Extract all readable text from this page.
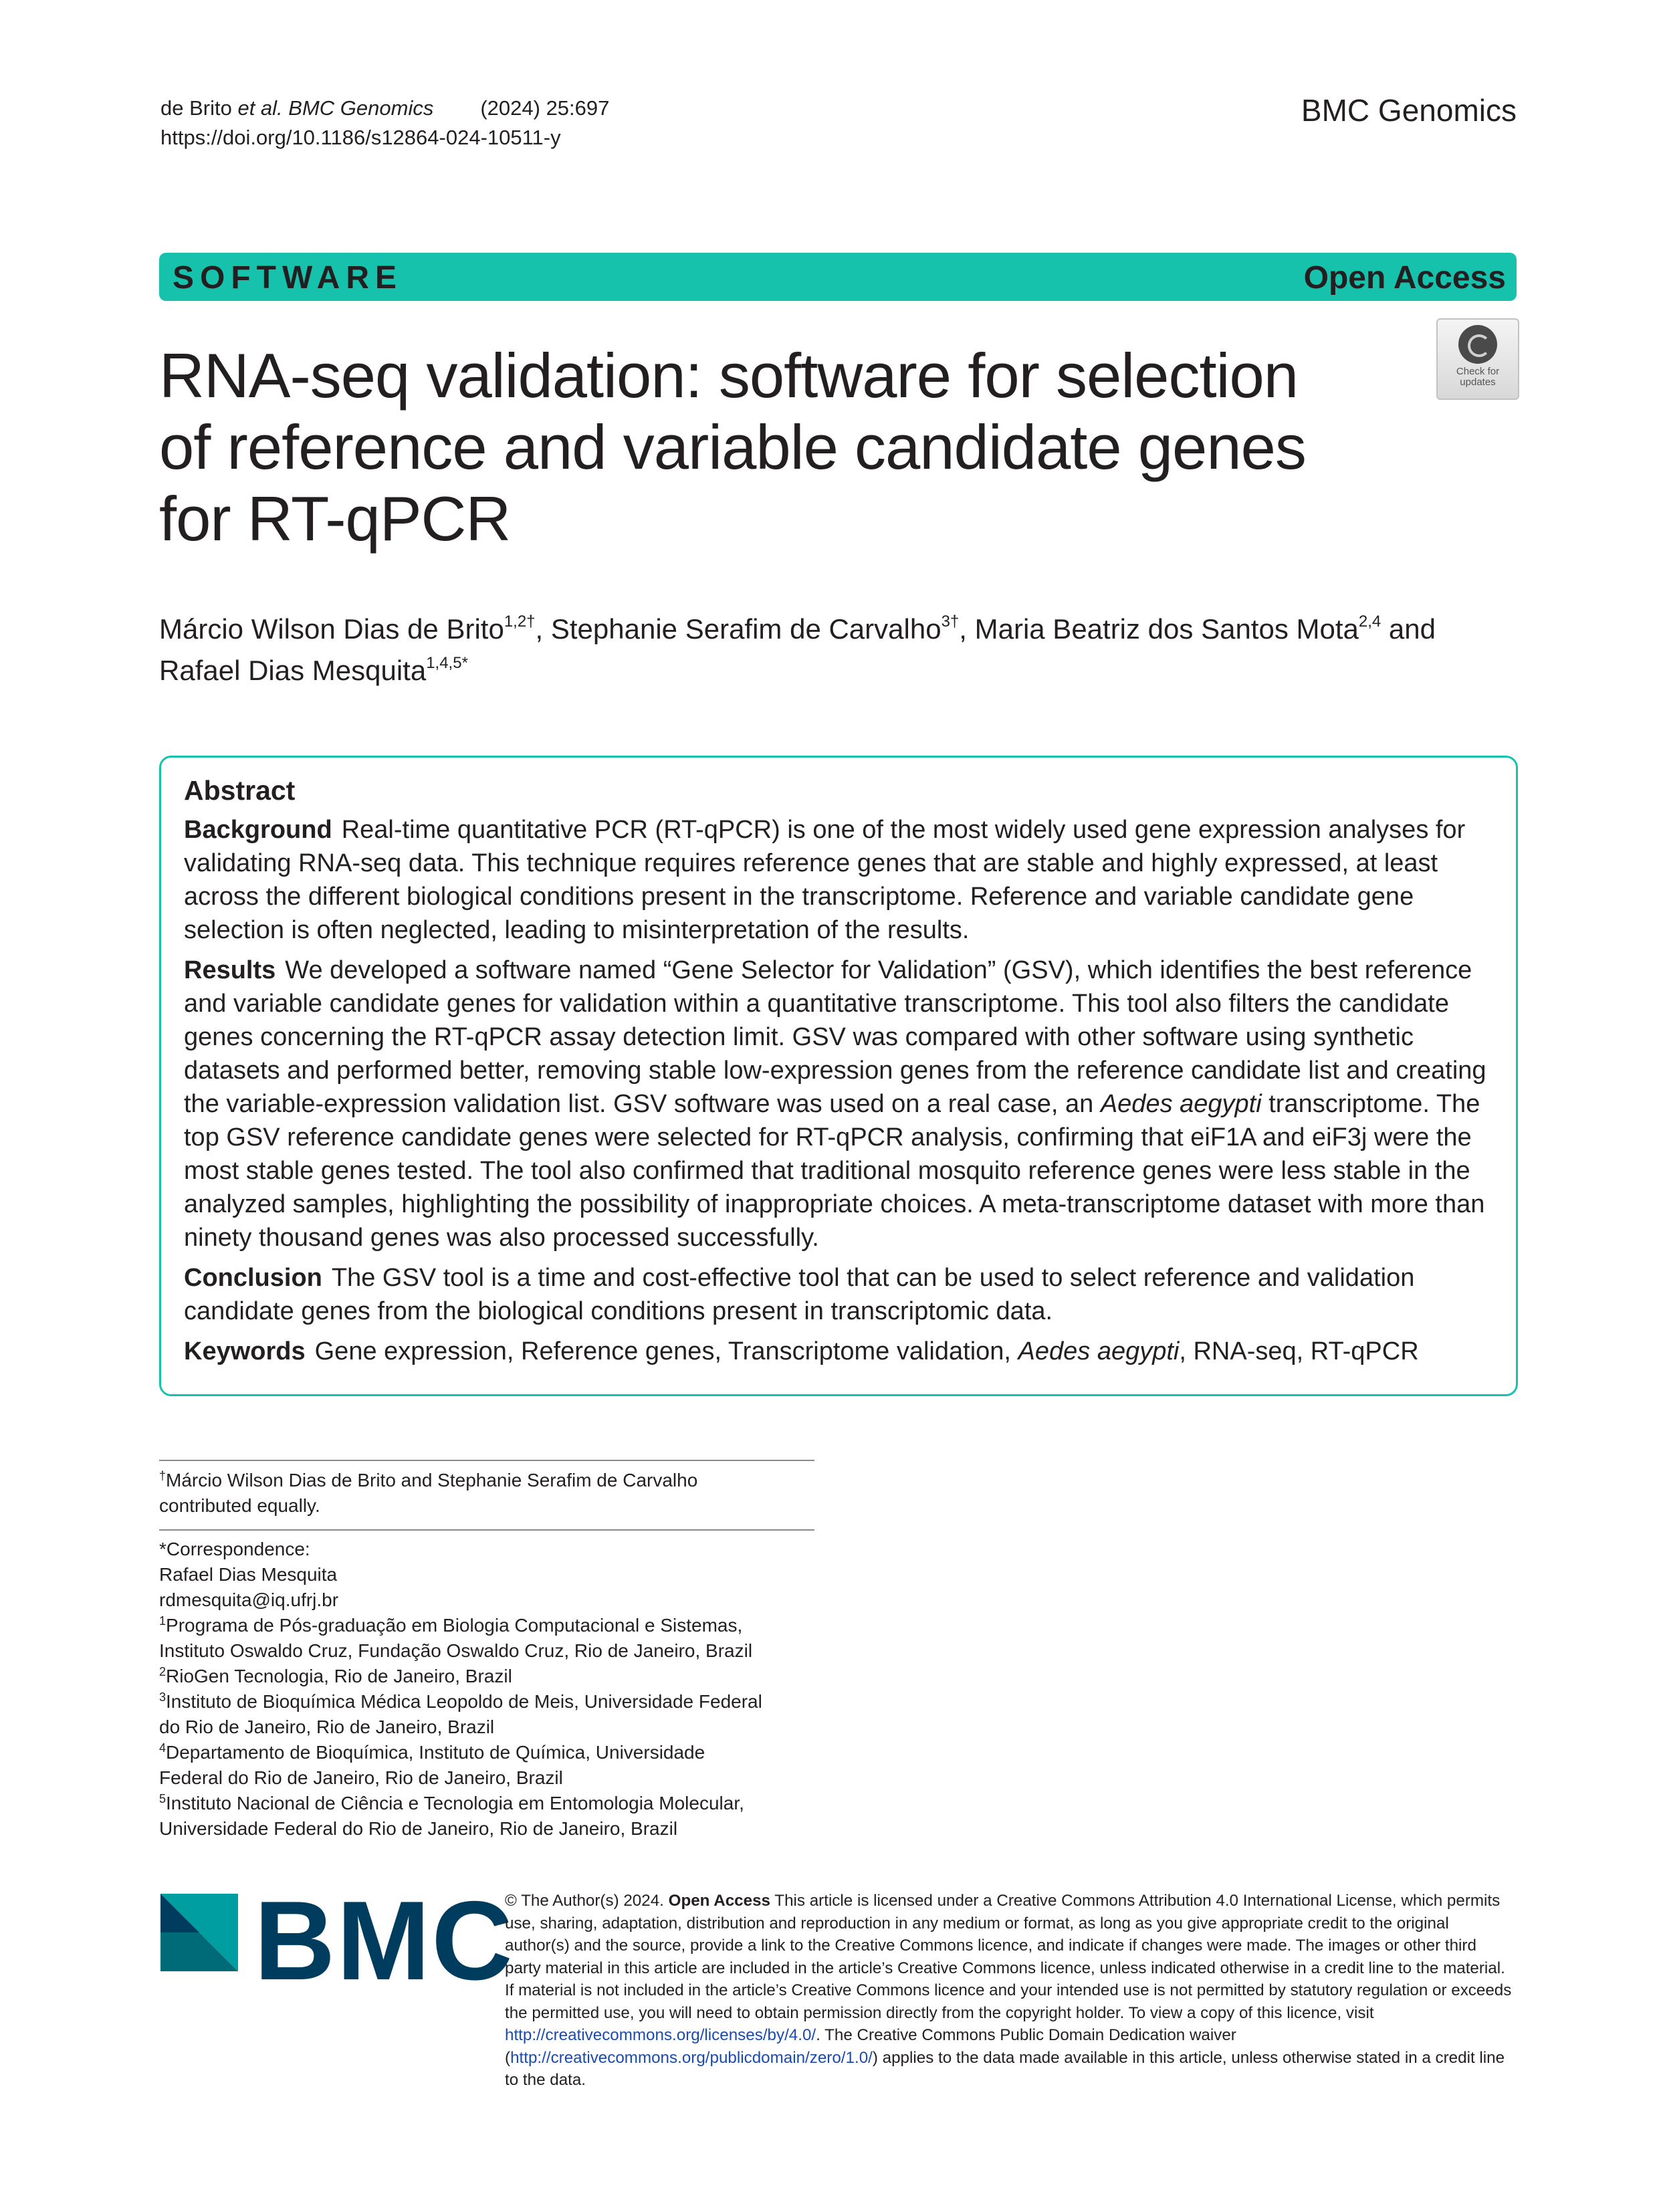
de Brito et al. BMC Genomics (2024) 25:697
https://doi.org/10.1186/s12864-024-10511-y
BMC Genomics
SOFTWARE	Open Access
Check for
updates
RNA-seq validation: software for selection
of reference and variable candidate genes
for RT-qPCR
Márcio Wilson Dias de Brito$^{1,2\dagger}$, Stephanie Serafim de Carvalho$^{3\dagger}$, Maria Beatriz dos Santos Mota$^{2,4}$ and
Rafael Dias Mesquita$^{1,4,5*}$
Abstract

Background Real-time quantitative PCR (RT-qPCR) is one of the most widely used gene expression analyses for validating RNA-seq data. This technique requires reference genes that are stable and highly expressed, at least across the different biological conditions present in the transcriptome. Reference and variable candidate gene selection is often neglected, leading to misinterpretation of the results.

Results We developed a software named “Gene Selector for Validation” (GSV), which identifies the best reference and variable candidate genes for validation within a quantitative transcriptome. This tool also filters the candidate genes concerning the RT-qPCR assay detection limit. GSV was compared with other software using synthetic datasets and performed better, removing stable low-expression genes from the reference candidate list and creating the variable-expression validation list. GSV software was used on a real case, an Aedes aegypti transcriptome. The top GSV reference candidate genes were selected for RT-qPCR analysis, confirming that eiF1A and eiF3j were the most stable genes tested. The tool also confirmed that traditional mosquito reference genes were less stable in the analyzed samples, highlighting the possibility of inappropriate choices. A meta-transcriptome dataset with more than ninety thousand genes was also processed successfully.

Conclusion The GSV tool is a time and cost-effective tool that can be used to select reference and validation candidate genes from the biological conditions present in transcriptomic data.

Keywords Gene expression, Reference genes, Transcriptome validation, Aedes aegypti, RNA-seq, RT-qPCR

†Márcio Wilson Dias de Brito and Stephanie Serafim de Carvalho
contributed equally.
*Correspondence:
Rafael Dias Mesquita
rdmesquita@iq.ufrj.br
$^1$Programa de Pós-graduação em Biologia Computacional e Sistemas,
Instituto Oswaldo Cruz, Fundação Oswaldo Cruz, Rio de Janeiro, Brazil
$^2$RioGen Tecnologia, Rio de Janeiro, Brazil
$^3$Instituto de Bioquímica Médica Leopoldo de Meis, Universidade Federal
do Rio de Janeiro, Rio de Janeiro, Brazil
$^4$Departamento de Bioquímica, Instituto de Química, Universidade
Federal do Rio de Janeiro, Rio de Janeiro, Brazil
$^5$Instituto Nacional de Ciência e Tecnologia em Entomologia Molecular,
Universidade Federal do Rio de Janeiro, Rio de Janeiro, Brazil
BMC
© The Author(s) 2024. Open Access This article is licensed under a Creative Commons Attribution 4.0 International License, which permits use, sharing, adaptation, distribution and reproduction in any medium or format, as long as you give appropriate credit to the original author(s) and the source, provide a link to the Creative Commons licence, and indicate if changes were made. The images or other third party material in this article are included in the article’s Creative Commons licence, unless indicated otherwise in a credit line to the material. If material is not included in the article’s Creative Commons licence and your intended use is not permitted by statutory regulation or exceeds the permitted use, you will need to obtain permission directly from the copyright holder. To view a copy of this licence, visit http://creativecommons.org/licenses/by/4.0/. The Creative Commons Public Domain Dedication waiver (http://creativecommons.org/publicdomain/zero/1.0/) applies to the data made available in this article, unless otherwise stated in a credit line to the data.
